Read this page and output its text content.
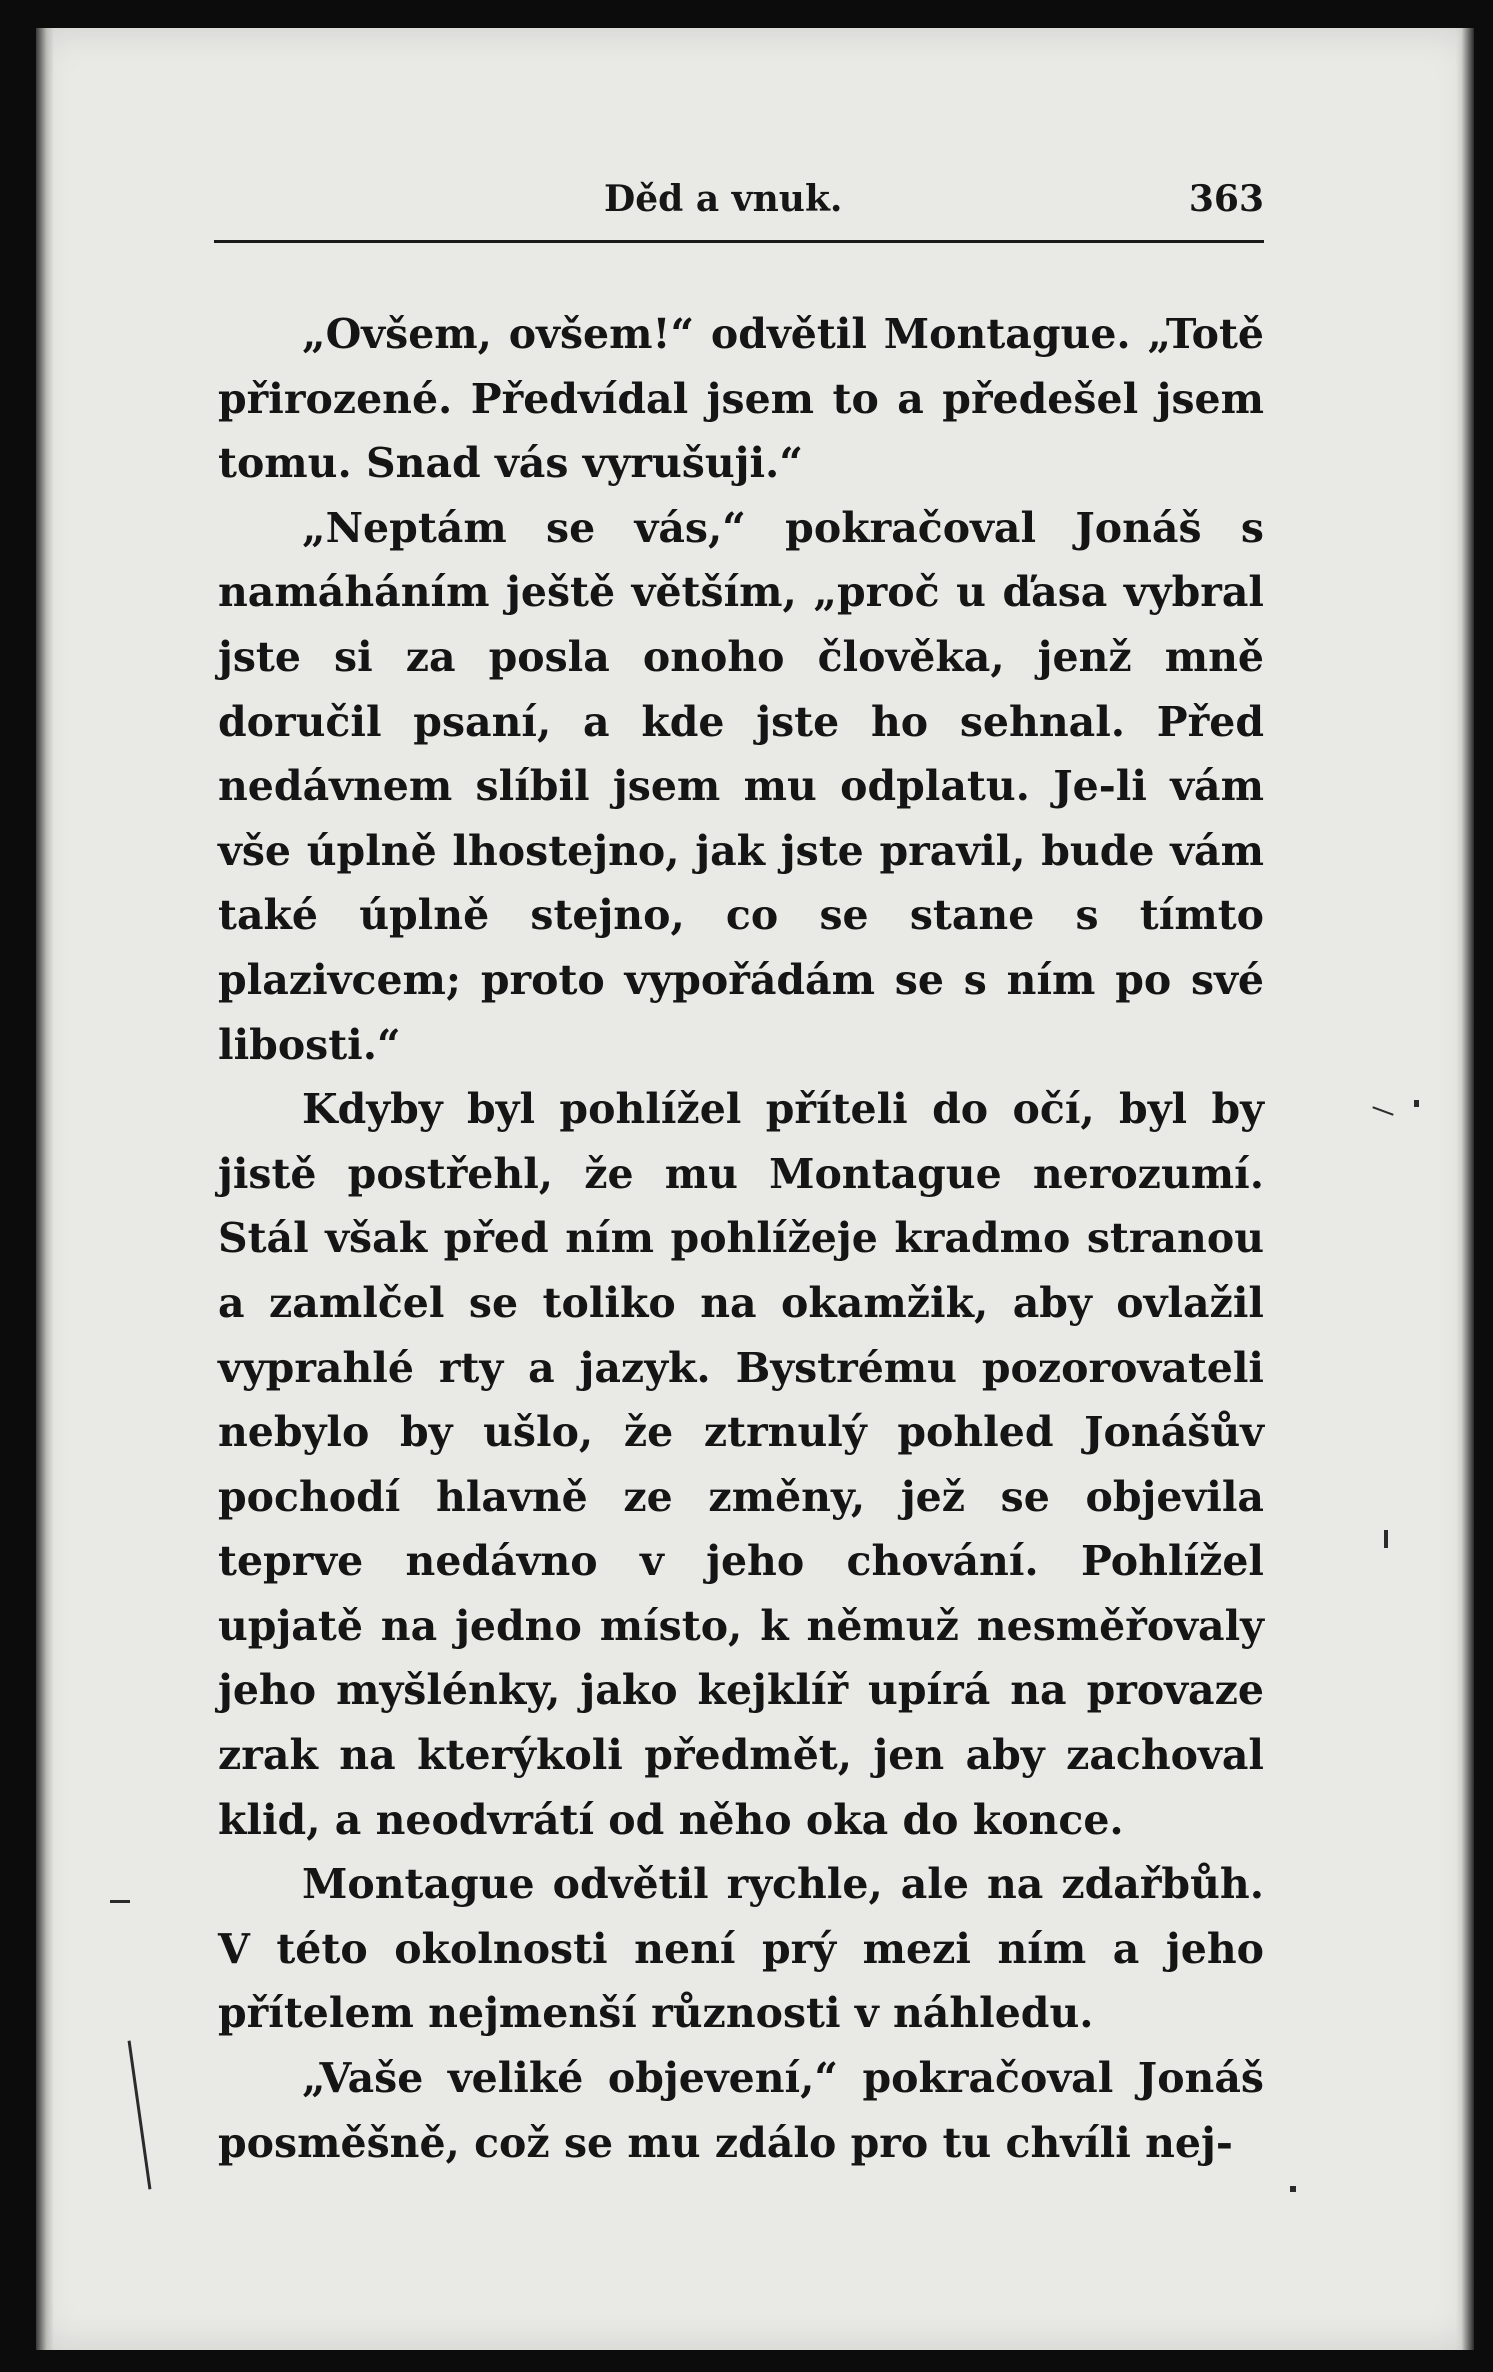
Děd a vnuk.	363

„Ovšem, ovšem!“ odvětil Montague. „Totě přirozené. Předvídal jsem to a předešel jsem tomu. Snad vás vyrušuji.“

„Neptám se vás,“ pokračoval Jonáš s namáháním ještě větším, „proč u ďasa vybral jste si za posla onoho člověka, jenž mně doručil psaní, a kde jste ho sehnal. Před nedávnem slíbil jsem mu odplatu. Je-li vám vše úplně lhostejno, jak jste pravil, bude vám také úplně stejno, co se stane s tímto plazivcem; proto vypořádám se s ním po své libosti.“

Kdyby byl pohlížel příteli do očí, byl by jistě postřehl, že mu Montague nerozumí. Stál však před ním pohlížeje kradmo stranou a zamlčel se toliko na okamžik, aby ovlažil vyprahlé rty a jazyk. Bystrému pozorovateli nebylo by ušlo, že ztrnulý pohled Jonášův pochodí hlavně ze změny, jež se objevila teprve nedávno v jeho chování. Pohlížel upjatě na jedno místo, k němuž nesměřovaly jeho myšlénky, jako kejklíř upírá na provaze zrak na kterýkoli předmět, jen aby zachoval klid, a neodvrátí od něho oka do konce.

Montague odvětil rychle, ale na zdařbůh. V této okolnosti není prý mezi ním a jeho přítelem nejmenší různosti v náhledu.

„Vaše veliké objevení,“ pokračoval Jonáš posměšně, což se mu zdálo pro tu chvíli nej-
